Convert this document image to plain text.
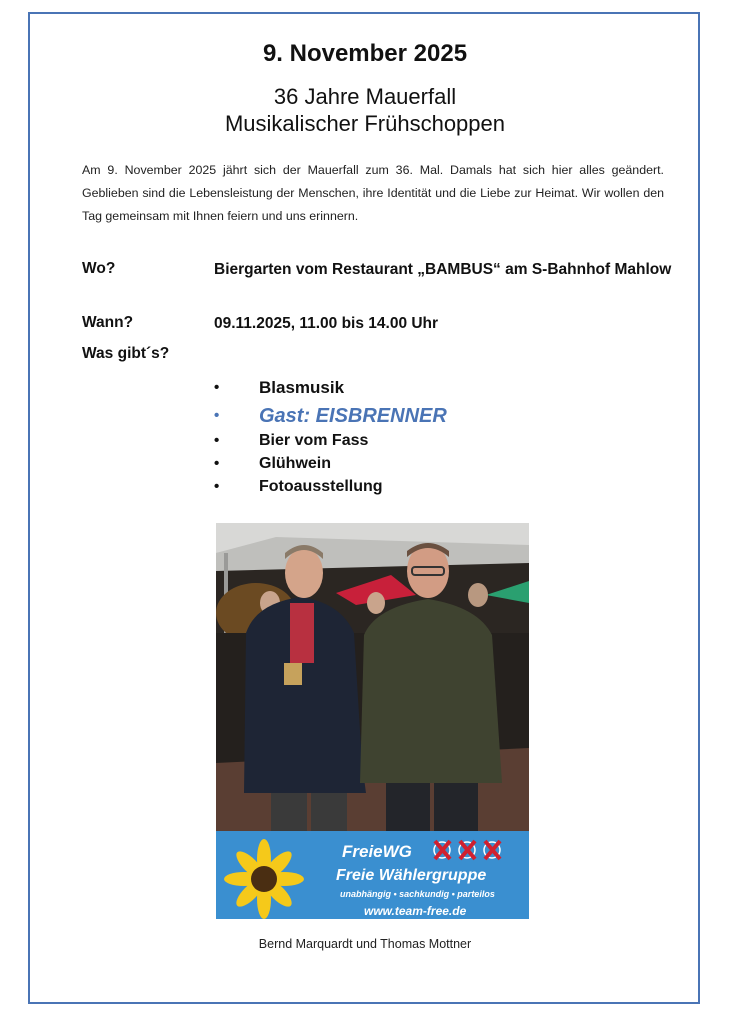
9. November 2025
36 Jahre Mauerfall
Musikalischer Frühschoppen
Am 9. November 2025 jährt sich der Mauerfall zum 36. Mal. Damals hat sich hier alles geändert. Geblieben sind die Lebensleistung der Menschen, ihre Identität und die Liebe zur Heimat. Wir wollen den Tag gemeinsam mit Ihnen feiern und uns erinnern.
Wo?	Biergarten vom Restaurant „BAMBUS“ am S-Bahnhof Mahlow
Wann?	09.11.2025, 11.00 bis 14.00 Uhr
Was gibt´s?
• Blasmusik
• Gast: EISBRENNER
• Bier vom Fass
• Glühwein
• Fotoausstellung
FreieWG
Freie Wählergruppe
unabhängig • sachkundig • parteilos
www.team-free.de
Bernd Marquardt und Thomas Mottner
